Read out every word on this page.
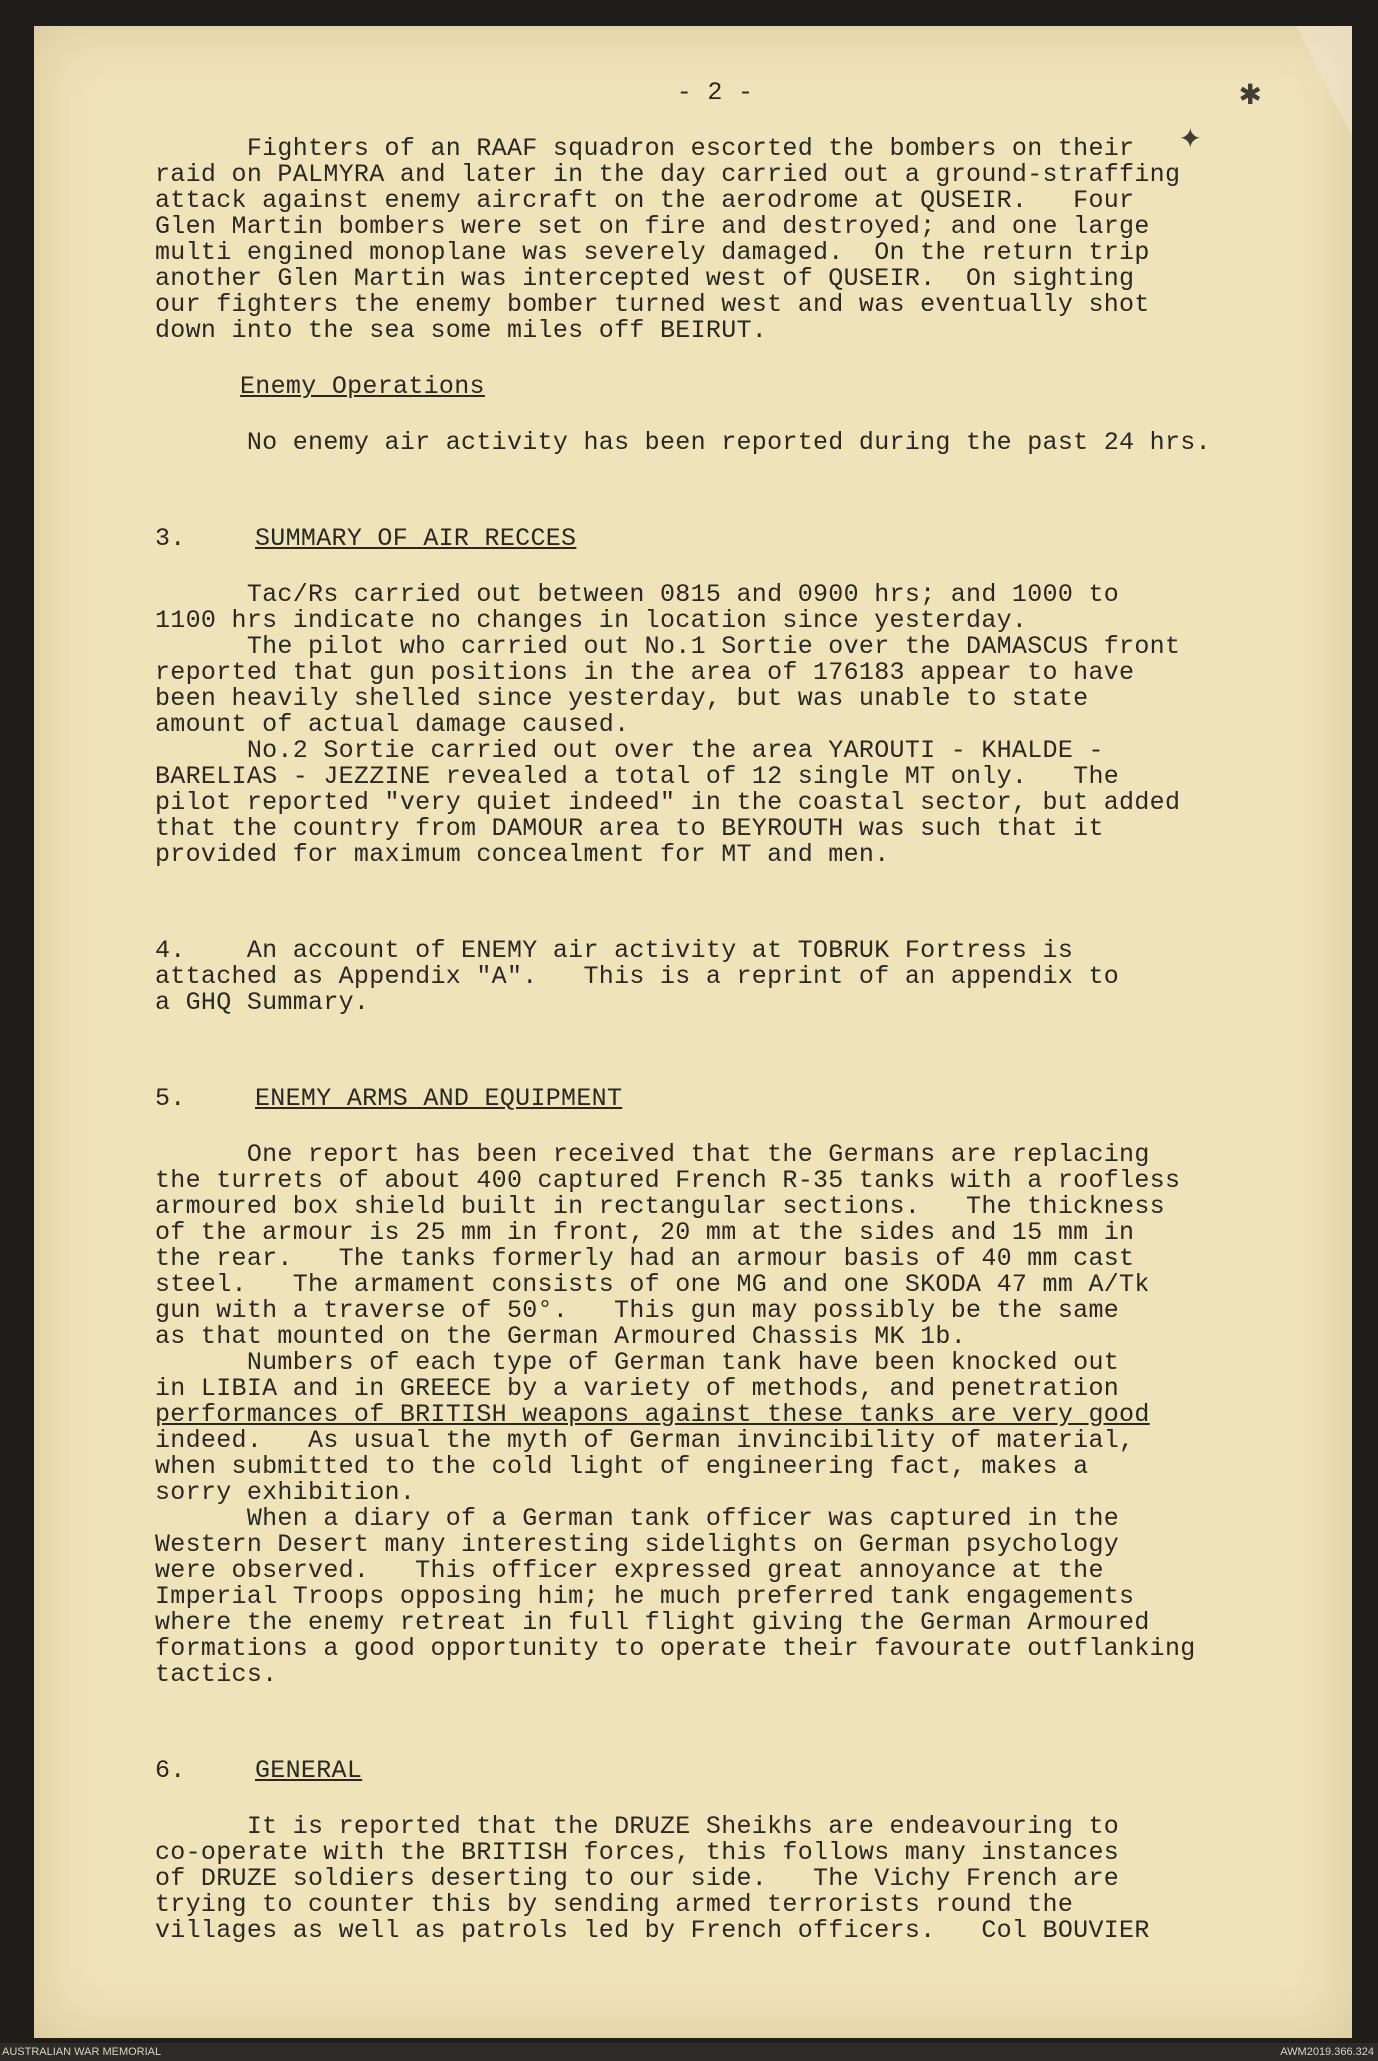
✱
✦
- 2 -

Fighters of an RAAF squadron escorted the bombers on their

raid on PALMYRA and later in the day carried out a ground-straffing

attack against enemy aircraft on the aerodrome at QUSEIR.   Four

Glen Martin bombers were set on fire and destroyed; and one large

multi engined monoplane was severely damaged.  On the return trip

another Glen Martin was intercepted west of QUSEIR.  On sighting

our fighters the enemy bomber turned west and was eventually shot

down into the sea some miles off BEIRUT.

Enemy Operations

No enemy air activity has been reported during the past 24 hrs.

3.	SUMMARY OF AIR RECCES

Tac/Rs carried out between 0815 and 0900 hrs; and 1000 to

1100 hrs indicate no changes in location since yesterday.

The pilot who carried out No.1 Sortie over the DAMASCUS front

reported that gun positions in the area of 176183 appear to have

been heavily shelled since yesterday, but was unable to state

amount of actual damage caused.

No.2 Sortie carried out over the area YAROUTI - KHALDE -

BARELIAS - JEZZINE revealed a total of 12 single MT only.   The

pilot reported "very quiet indeed" in the coastal sector, but added

that the country from DAMOUR area to BEYROUTH was such that it

provided for maximum concealment for MT and men.

4.    An account of ENEMY air activity at TOBRUK Fortress is

attached as Appendix "A".   This is a reprint of an appendix to

a GHQ Summary.

5.	ENEMY ARMS AND EQUIPMENT

One report has been received that the Germans are replacing

the turrets of about 400 captured French R-35 tanks with a roofless

armoured box shield built in rectangular sections.   The thickness

of the armour is 25 mm in front, 20 mm at the sides and 15 mm in

the rear.   The tanks formerly had an armour basis of 40 mm cast

steel.   The armament consists of one MG and one SKODA 47 mm A/Tk

gun with a traverse of 50°.   This gun may possibly be the same

as that mounted on the German Armoured Chassis MK 1b.

Numbers of each type of German tank have been knocked out

in LIBIA and in GREECE by a variety of methods, and penetration

performances of BRITISH weapons against these tanks are very good

indeed.   As usual the myth of German invincibility of material,

when submitted to the cold light of engineering fact, makes a

sorry exhibition.

When a diary of a German tank officer was captured in the

Western Desert many interesting sidelights on German psychology

were observed.   This officer expressed great annoyance at the

Imperial Troops opposing him; he much preferred tank engagements

where the enemy retreat in full flight giving the German Armoured

formations a good opportunity to operate their favourate outflanking

tactics.

6.	GENERAL

It is reported that the DRUZE Sheikhs are endeavouring to

co-operate with the BRITISH forces, this follows many instances

of DRUZE soldiers deserting to our side.   The Vichy French are

trying to counter this by sending armed terrorists round the

villages as well as patrols led by French officers.   Col BOUVIER

AUSTRALIAN WAR MEMORIAL	AWM2019.366.324
